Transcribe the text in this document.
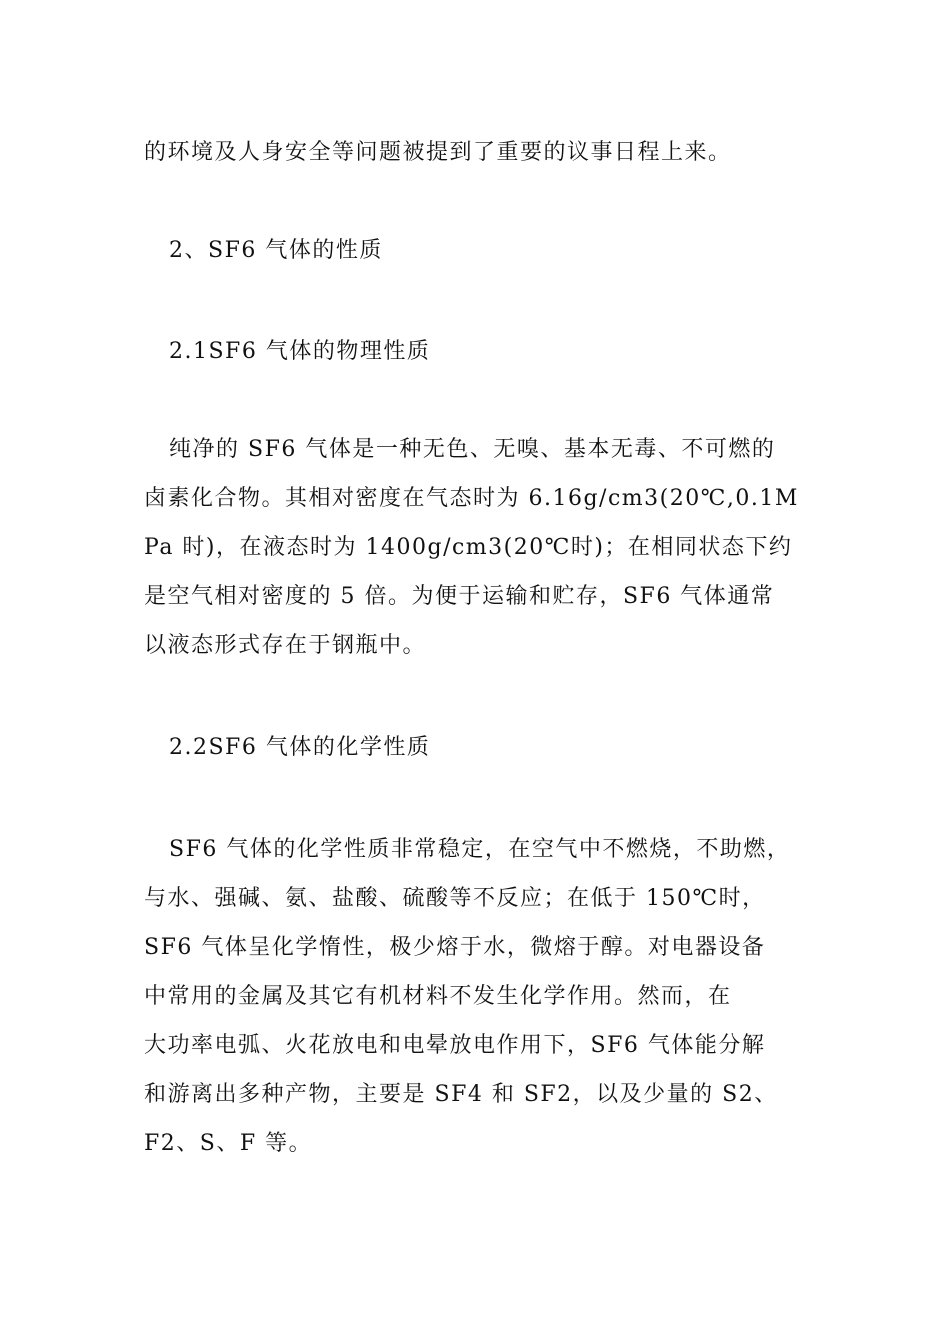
的环境及人身安全等问题被提到了重要的议事日程上来。
2、SF6 气体的性质
2.1SF6 气体的物理性质
纯净的 SF6 气体是一种无色、无嗅、基本无毒、不可燃的
卤素化合物。其相对密度在气态时为 6.16g/cm3(20℃,0.1M
Pa 时)，在液态时为 1400g/cm3(20℃时)；在相同状态下约
是空气相对密度的 5 倍。为便于运输和贮存，SF6 气体通常
以液态形式存在于钢瓶中。
2.2SF6 气体的化学性质
SF6 气体的化学性质非常稳定，在空气中不燃烧，不助燃，
与水、强碱、氨、盐酸、硫酸等不反应；在低于 150℃时，
SF6 气体呈化学惰性，极少熔于水，微熔于醇。对电器设备
中常用的金属及其它有机材料不发生化学作用。然而，在
大功率电弧、火花放电和电晕放电作用下，SF6 气体能分解
和游离出多种产物，主要是 SF4 和 SF2，以及少量的 S2、
F2、S、F 等。
